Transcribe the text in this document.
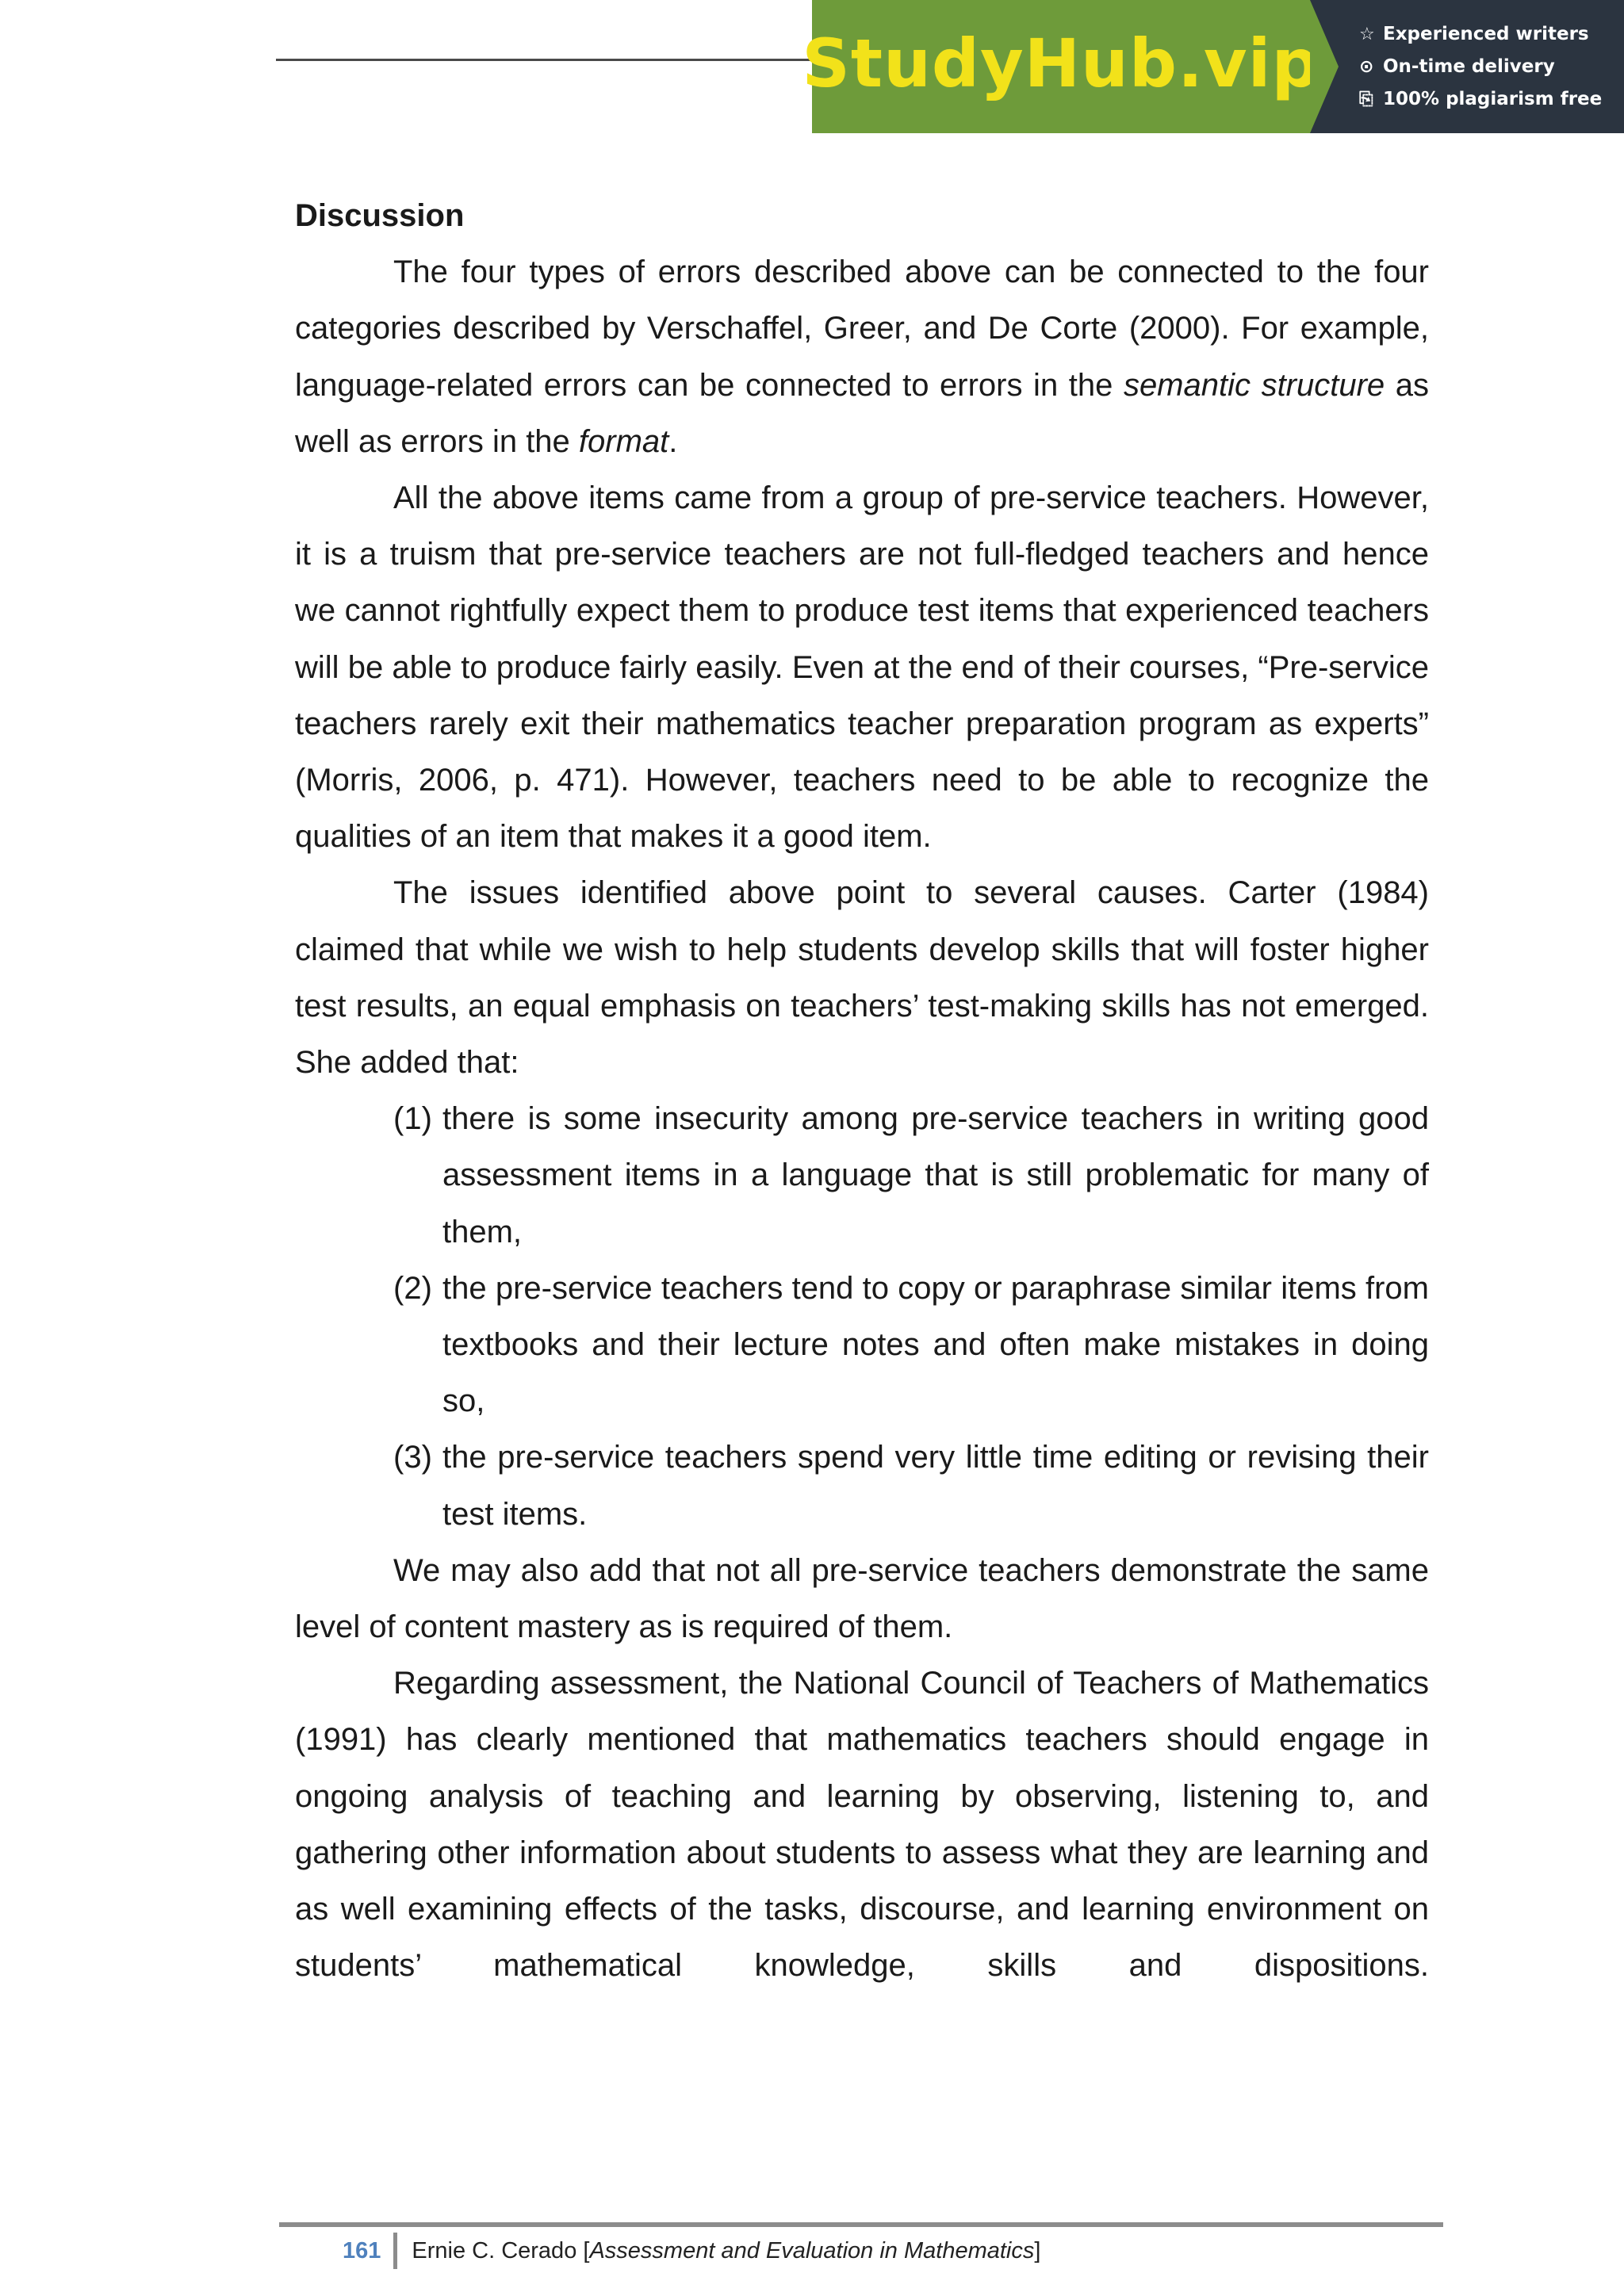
StudyHub.vip ☆ Experienced writers
⊙ On-time delivery
⎘ 100% plagiarism free

Discussion

The four types of errors described above can be connected to the four categories described by Verschaffel, Greer, and De Corte (2000). For example, language-related errors can be connected to errors in the semantic structure as well as errors in the format.

All the above items came from a group of pre-service teachers. However, it is a truism that pre-service teachers are not full-fledged teachers and hence we cannot rightfully expect them to produce test items that experienced teachers will be able to produce fairly easily. Even at the end of their courses, “Pre-service teachers rarely exit their mathematics teacher preparation program as experts” (Morris, 2006, p. 471). However, teachers need to be able to recognize the qualities of an item that makes it a good item.

The issues identified above point to several causes. Carter (1984) claimed that while we wish to help students develop skills that will foster higher test results, an equal emphasis on teachers’ test-making skills has not emerged. She added that:

(1) there is some insecurity among pre-service teachers in writing good assessment items in a language that is still problematic for many of them,
(2) the pre-service teachers tend to copy or paraphrase similar items from textbooks and their lecture notes and often make mistakes in doing so,
(3) the pre-service teachers spend very little time editing or revising their test items.

We may also add that not all pre-service teachers demonstrate the same level of content mastery as is required of them.

Regarding assessment, the National Council of Teachers of Mathematics (1991) has clearly mentioned that mathematics teachers should engage in ongoing analysis of teaching and learning by observing, listening to, and gathering other information about students to assess what they are learning and as well examining effects of the tasks, discourse, and learning environment on students’ mathematical knowledge, skills and dispositions.

161	Ernie C. Cerado [ Assessment and Evaluation in Mathematics ]
